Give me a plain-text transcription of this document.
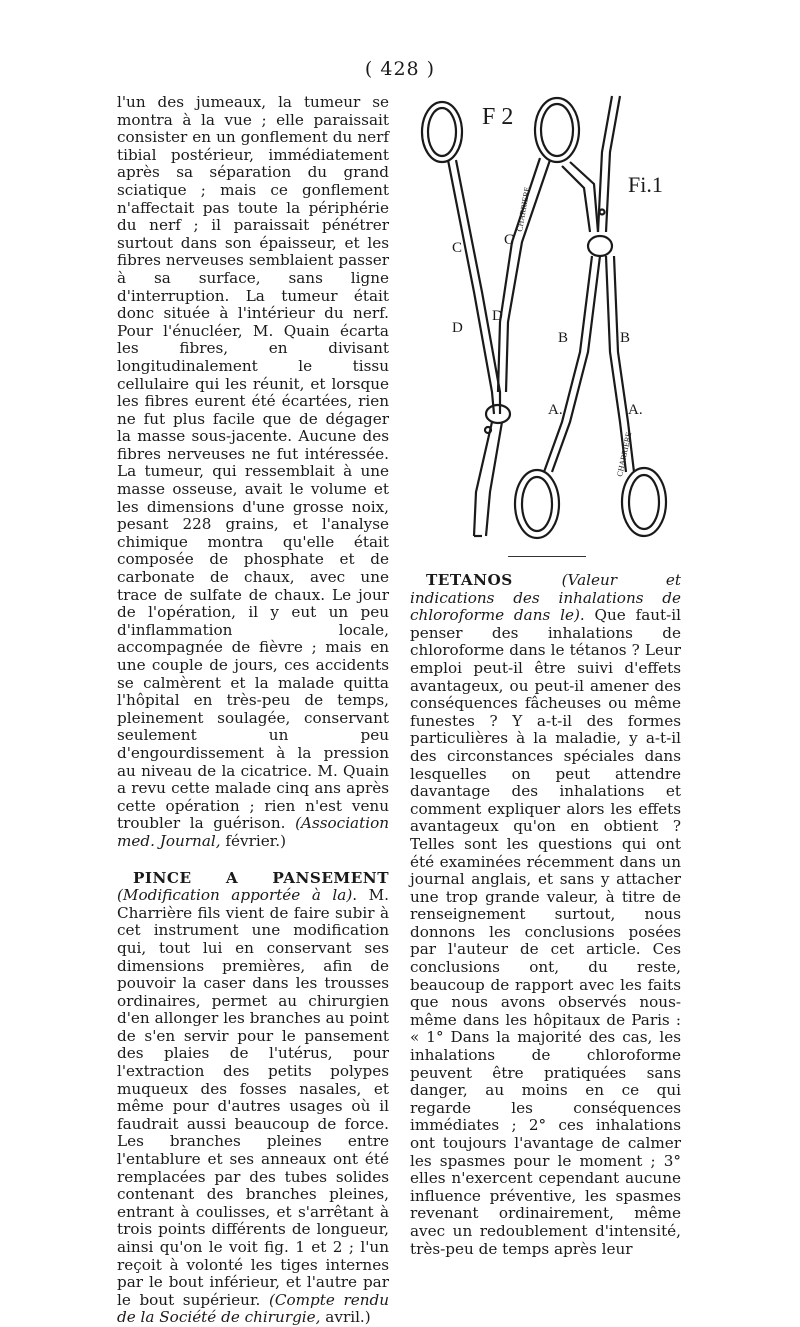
( 428 )

l'un des jumeaux, la tumeur se montra à la vue ; elle paraissait consister en un gonflement du nerf tibial postérieur, immédiatement après sa séparation du grand sciatique ; mais ce gonflement n'affectait pas toute la périphérie du nerf ; il paraissait pénétrer surtout dans son épaisseur, et les fibres nerveuses semblaient passer à sa surface, sans ligne d'interruption. La tumeur était donc située à l'intérieur du nerf. Pour l'énucléer, M. Quain écarta les fibres, en divisant longitudinalement le tissu cellulaire qui les réunit, et lorsque les fibres eurent été écartées, rien ne fut plus facile que de dégager la masse sous-jacente. Aucune des fibres nerveuses ne fut intéressée. La tumeur, qui ressemblait à une masse osseuse, avait le volume et les dimensions d'une grosse noix, pesant 228 grains, et l'analyse chimique montra qu'elle était composée de phosphate et de carbonate de chaux, avec une trace de sulfate de chaux. Le jour de l'opération, il y eut un peu d'inflammation locale, accompagnée de fièvre ; mais en une couple de jours, ces accidents se calmèrent et la malade quitta l'hôpital en très-peu de temps, pleinement soulagée, conservant seulement un peu d'engourdissement à la pression au niveau de la cicatrice. M. Quain a revu cette malade cinq ans après cette opération ; rien n'est venu troubler la guérison. (Association med. Journal, février.)

PINCE A PANSEMENT (Modification apportée à la). M. Charrière fils vient de faire subir à cet instrument une modification qui, tout lui en conservant ses dimensions premières, afin de pouvoir la caser dans les trousses ordinaires, permet au chirurgien d'en allonger les branches au point de s'en servir pour le pansement des plaies de l'utérus, pour l'extraction des petits polypes muqueux des fosses nasales, et même pour d'autres usages où il faudrait aussi beaucoup de force. Les branches pleines entre l'entablure et ses anneaux ont été remplacées par des tubes solides contenant des branches pleines, entrant à coulisses, et s'arrêtant à trois points différents de longueur, ainsi qu'on le voit fig. 1 et 2 ; l'un reçoit à volonté les tiges internes par le bout inférieur, et l'autre par le bout supérieur. (Compte rendu de la Société de chirurgie, avril.)

F 2
Fi.1
C	C
D
D
B	B
A.	A.
CHARRIERE
CHARRIERE

TETANOS (Valeur et indications des inhalations de chloroforme dans le). Que faut-il penser des inhalations de chloroforme dans le tétanos ? Leur emploi peut-il être suivi d'effets avantageux, ou peut-il amener des conséquences fâcheuses ou même funestes ? Y a-t-il des formes particulières à la maladie, y a-t-il des circonstances spéciales dans lesquelles on peut attendre davantage des inhalations et comment expliquer alors les effets avantageux qu'on en obtient ? Telles sont les questions qui ont été examinées récemment dans un journal anglais, et sans y attacher une trop grande valeur, à titre de renseignement surtout, nous donnons les conclusions posées par l'auteur de cet article. Ces conclusions ont, du reste, beaucoup de rapport avec les faits que nous avons observés nous-même dans les hôpitaux de Paris : « 1° Dans la majorité des cas, les inhalations de chloroforme peuvent être pratiquées sans danger, au moins en ce qui regarde les conséquences immédiates ; 2° ces inhalations ont toujours l'avantage de calmer les spasmes pour le moment ; 3° elles n'exercent cependant aucune influence préventive, les spasmes revenant ordinairement, même avec un redoublement d'intensité, très-peu de temps après leur
